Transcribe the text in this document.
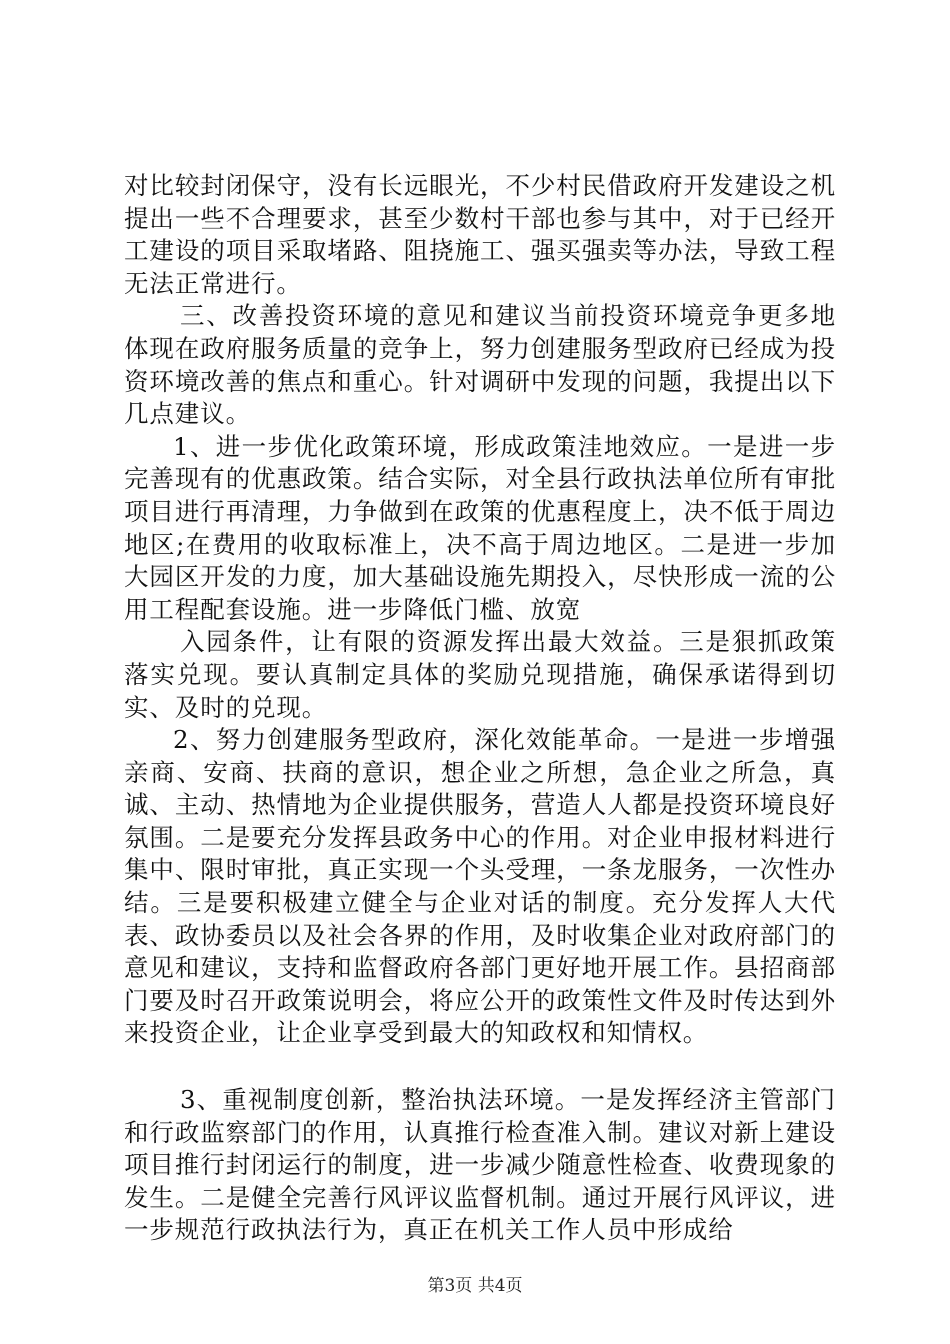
对比较封闭保守，没有长远眼光，不少村民借政府开发建设之机提出一些不合理要求，甚至少数村干部也参与其中，对于已经开工建设的项目采取堵路、阻挠施工、强买强卖等办法，导致工程无法正常进行。

三、改善投资环境的意见和建议当前投资环境竞争更多地体现在政府服务质量的竞争上，努力创建服务型政府已经成为投资环境改善的焦点和重心。针对调研中发现的问题，我提出以下几点建议。

1、进一步优化政策环境，形成政策洼地效应。一是进一步完善现有的优惠政策。结合实际，对全县行政执法单位所有审批项目进行再清理，力争做到在政策的优惠程度上，决不低于周边地区;在费用的收取标准上，决不高于周边地区。二是进一步加大园区开发的力度，加大基础设施先期投入，尽快形成一流的公用工程配套设施。进一步降低门槛、放宽

入园条件，让有限的资源发挥出最大效益。三是狠抓政策落实兑现。要认真制定具体的奖励兑现措施，确保承诺得到切实、及时的兑现。

2、努力创建服务型政府，深化效能革命。一是进一步增强亲商、安商、扶商的意识，想企业之所想，急企业之所急，真诚、主动、热情地为企业提供服务，营造人人都是投资环境良好氛围。二是要充分发挥县政务中心的作用。对企业申报材料进行集中、限时审批，真正实现一个头受理，一条龙服务，一次性办结。三是要积极建立健全与企业对话的制度。充分发挥人大代表、政协委员以及社会各界的作用，及时收集企业对政府部门的意见和建议，支持和监督政府各部门更好地开展工作。县招商部门要及时召开政策说明会，将应公开的政策性文件及时传达到外来投资企业，让企业享受到最大的知政权和知情权。

3、重视制度创新，整治执法环境。一是发挥经济主管部门和行政监察部门的作用，认真推行检查准入制。建议对新上建设项目推行封闭运行的制度，进一步减少随意性检查、收费现象的发生。二是健全完善行风评议监督机制。通过开展行风评议，进一步规范行政执法行为，真正在机关工作人员中形成给

第3页 共4页
